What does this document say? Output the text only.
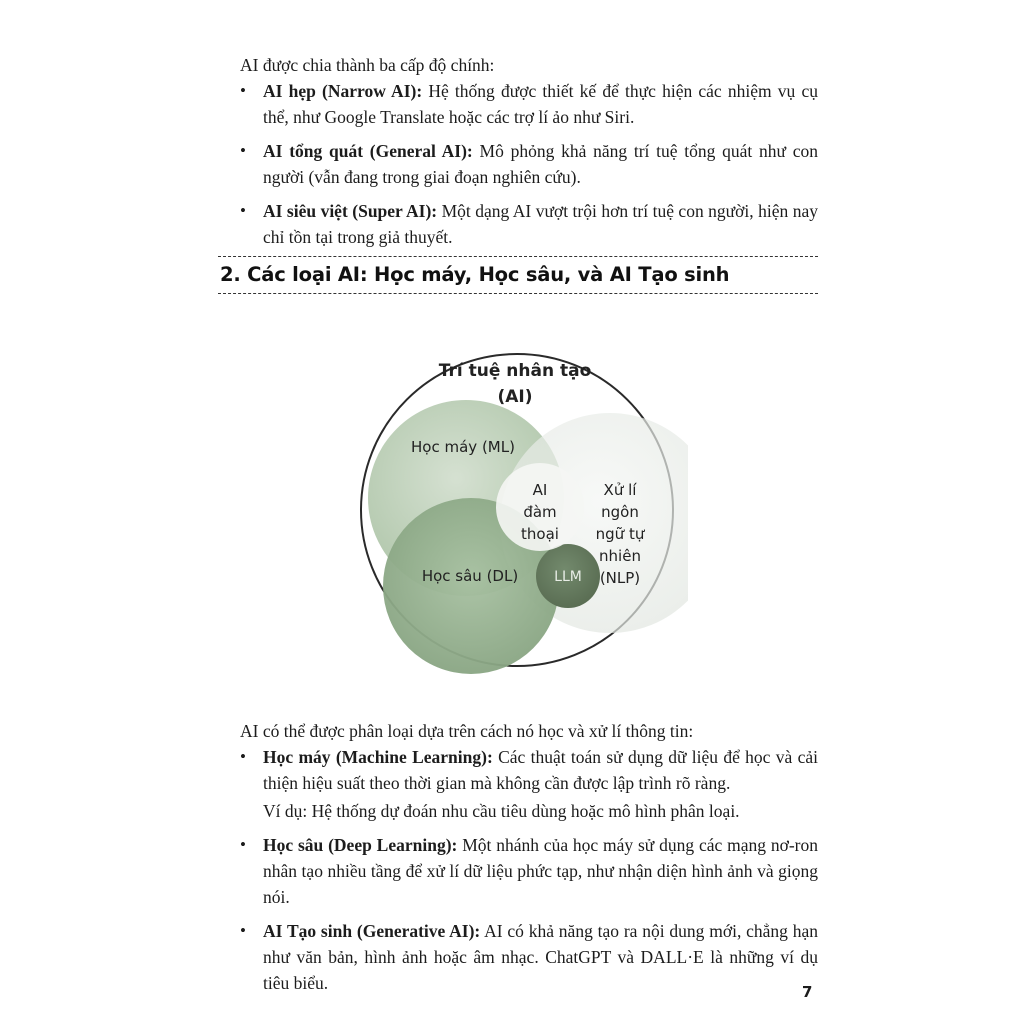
AI được chia thành ba cấp độ chính:
• AI hẹp (Narrow AI): Hệ thống được thiết kế để thực hiện các nhiệm vụ cụ thể, như Google Translate hoặc các trợ lí ảo như Siri.
• AI tổng quát (General AI): Mô phỏng khả năng trí tuệ tổng quát như con người (vẫn đang trong giai đoạn nghiên cứu).
• AI siêu việt (Super AI): Một dạng AI vượt trội hơn trí tuệ con người, hiện nay chỉ tồn tại trong giả thuyết.
2. Các loại AI: Học máy, Học sâu, và AI Tạo sinh
Trí tuệ nhân tạo
(AI)
Học máy (ML)
Học sâu (DL)	LLM
AI
đàm
thoại
Xử lí
ngôn
ngữ tự
nhiên
(NLP)
AI có thể được phân loại dựa trên cách nó học và xử lí thông tin:
• Học máy (Machine Learning): Các thuật toán sử dụng dữ liệu để học và cải thiện hiệu suất theo thời gian mà không cần được lập trình rõ ràng.
Ví dụ: Hệ thống dự đoán nhu cầu tiêu dùng hoặc mô hình phân loại.
• Học sâu (Deep Learning): Một nhánh của học máy sử dụng các mạng nơ-ron nhân tạo nhiều tầng để xử lí dữ liệu phức tạp, như nhận diện hình ảnh và giọng nói.
• AI Tạo sinh (Generative AI): AI có khả năng tạo ra nội dung mới, chẳng hạn như văn bản, hình ảnh hoặc âm nhạc. ChatGPT và DALL·E là những ví dụ tiêu biểu.	7
